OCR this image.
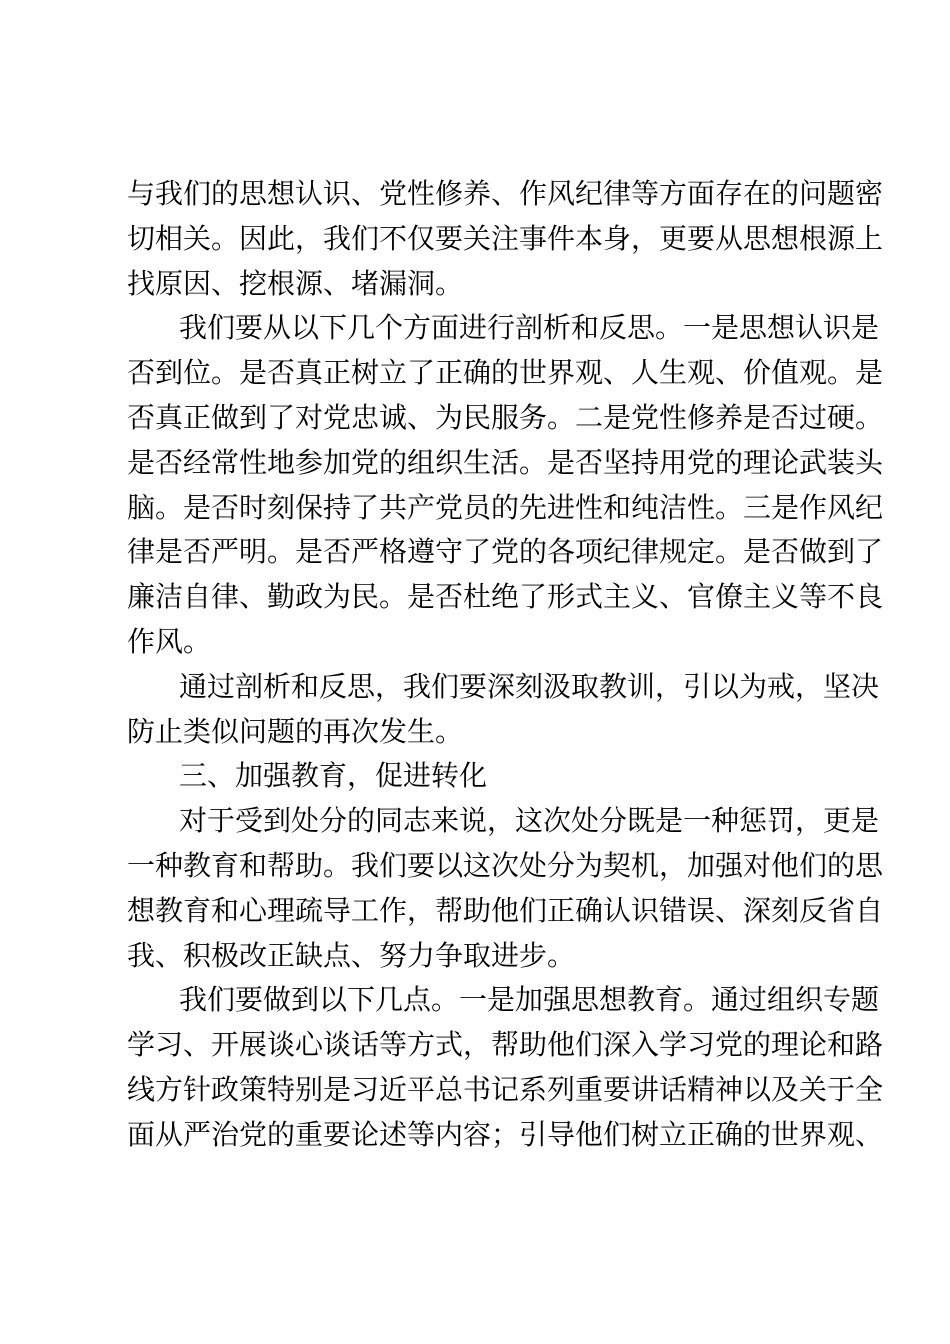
与我们的思想认识、党性修养、作风纪律等方面存在的问题密
切相关。因此，我们不仅要关注事件本身，更要从思想根源上
找原因、挖根源、堵漏洞。
我们要从以下几个方面进行剖析和反思。一是思想认识是
否到位。是否真正树立了正确的世界观、人生观、价值观。是
否真正做到了对党忠诚、为民服务。二是党性修养是否过硬。
是否经常性地参加党的组织生活。是否坚持用党的理论武装头
脑。是否时刻保持了共产党员的先进性和纯洁性。三是作风纪
律是否严明。是否严格遵守了党的各项纪律规定。是否做到了
廉洁自律、勤政为民。是否杜绝了形式主义、官僚主义等不良
作风。
通过剖析和反思，我们要深刻汲取教训，引以为戒，坚决
防止类似问题的再次发生。
三、加强教育，促进转化
对于受到处分的同志来说，这次处分既是一种惩罚，更是
一种教育和帮助。我们要以这次处分为契机，加强对他们的思
想教育和心理疏导工作，帮助他们正确认识错误、深刻反省自
我、积极改正缺点、努力争取进步。
我们要做到以下几点。一是加强思想教育。通过组织专题
学习、开展谈心谈话等方式，帮助他们深入学习党的理论和路
线方针政策特别是习近平总书记系列重要讲话精神以及关于全
面从严治党的重要论述等内容；引导他们树立正确的世界观、
